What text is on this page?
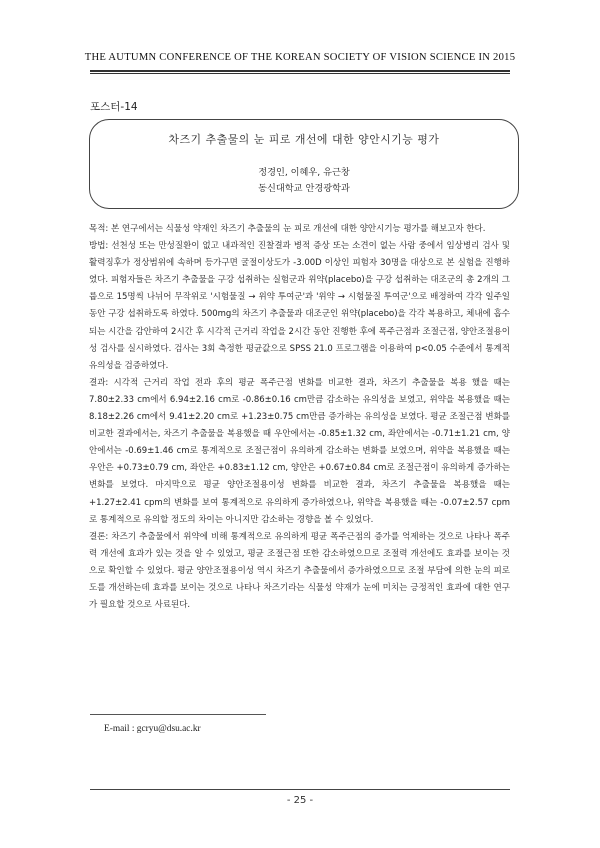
THE AUTUMN CONFERENCE OF THE KOREAN SOCIETY OF VISION SCIENCE IN 2015
포스터-14
차즈기 추출물의 눈 피로 개선에 대한 양안시기능 평가
정경인, 이혜우, 유근창
동신대학교 안경광학과

목적: 본 연구에서는 식물성 약재인 차즈기 추출물의 눈 피로 개선에 대한 양안시기능 평가를 해보고자 한다.

방법: 선천성 또는 만성질환이 없고 내과적인 진찰결과 병적 증상 또는 소견이 없는 사람 중에서 임상병리 검사 및 활력징후가 정상범위에 속하며 등가구면 굴절이상도가 -3.00D 이상인 피험자 30명을 대상으로 본 실험을 진행하였다. 피험자들은 차즈기 추출물을 구강 섭취하는 실험군과 위약(placebo)을 구강 섭취하는 대조군의 총 2개의 그룹으로 15명씩 나뉘어 무작위로 '시험물질 → 위약 투여군'과 '위약 → 시험물질 투여군'으로 배정하여 각각 일주일 동안 구강 섭취하도록 하였다. 500mg의 차즈기 추출물과 대조군인 위약(placebo)을 각각 복용하고, 체내에 흡수되는 시간을 감안하여 2시간 후 시각적 근거리 작업을 2시간 동안 진행한 후에 폭주근점과 조절근점, 양안조절용이성 검사를 실시하였다. 검사는 3회 측정한 평균값으로 SPSS 21.0 프로그램을 이용하여 p<0.05 수준에서 통계적 유의성을 검증하였다.

결과: 시각적 근거리 작업 전과 후의 평균 폭주근점 변화를 비교한 결과, 차즈기 추출물을 복용 했을 때는 7.80±2.33 cm에서 6.94±2.16 cm로 -0.86±0.16 cm만큼 감소하는 유의성을 보였고, 위약을 복용했을 때는 8.18±2.26 cm에서 9.41±2.20 cm로 +1.23±0.75 cm만큼 증가하는 유의성을 보였다. 평균 조절근점 변화를 비교한 결과에서는, 차즈기 추출물을 복용했을 때 우안에서는 -0.85±1.32 cm, 좌안에서는 -0.71±1.21 cm, 양안에서는 -0.69±1.46 cm로 통계적으로 조절근점이 유의하게 감소하는 변화를 보였으며, 위약을 복용했을 때는 우안은 +0.73±0.79 cm, 좌안은 +0.83±1.12 cm, 양안은 +0.67±0.84 cm로 조절근점이 유의하게 증가하는 변화를 보였다. 마지막으로 평균 양안조절용이성 변화를 비교한 결과, 차즈기 추출물을 복용했을 때는 +1.27±2.41 cpm의 변화를 보여 통계적으로 유의하게 증가하였으나, 위약을 복용했을 때는 -0.07±2.57 cpm로 통계적으로 유의할 정도의 차이는 아니지만 감소하는 경향을 볼 수 있었다.

결론: 차즈기 추출물에서 위약에 비해 통계적으로 유의하게 평균 폭주근점의 증가를 억제하는 것으로 나타나 폭주력 개선에 효과가 있는 것을 알 수 있었고, 평균 조절근점 또한 감소하였으므로 조절력 개선에도 효과를 보이는 것으로 확인할 수 있었다. 평균 양안조절용이성 역시 차즈기 추출물에서 증가하였으므로 조절 부담에 의한 눈의 피로도를 개선하는데 효과를 보이는 것으로 나타나 차즈기라는 식물성 약재가 눈에 미치는 긍정적인 효과에 대한 연구가 필요할 것으로 사료된다.

E-mail : gcryu@dsu.ac.kr
- 25 -
